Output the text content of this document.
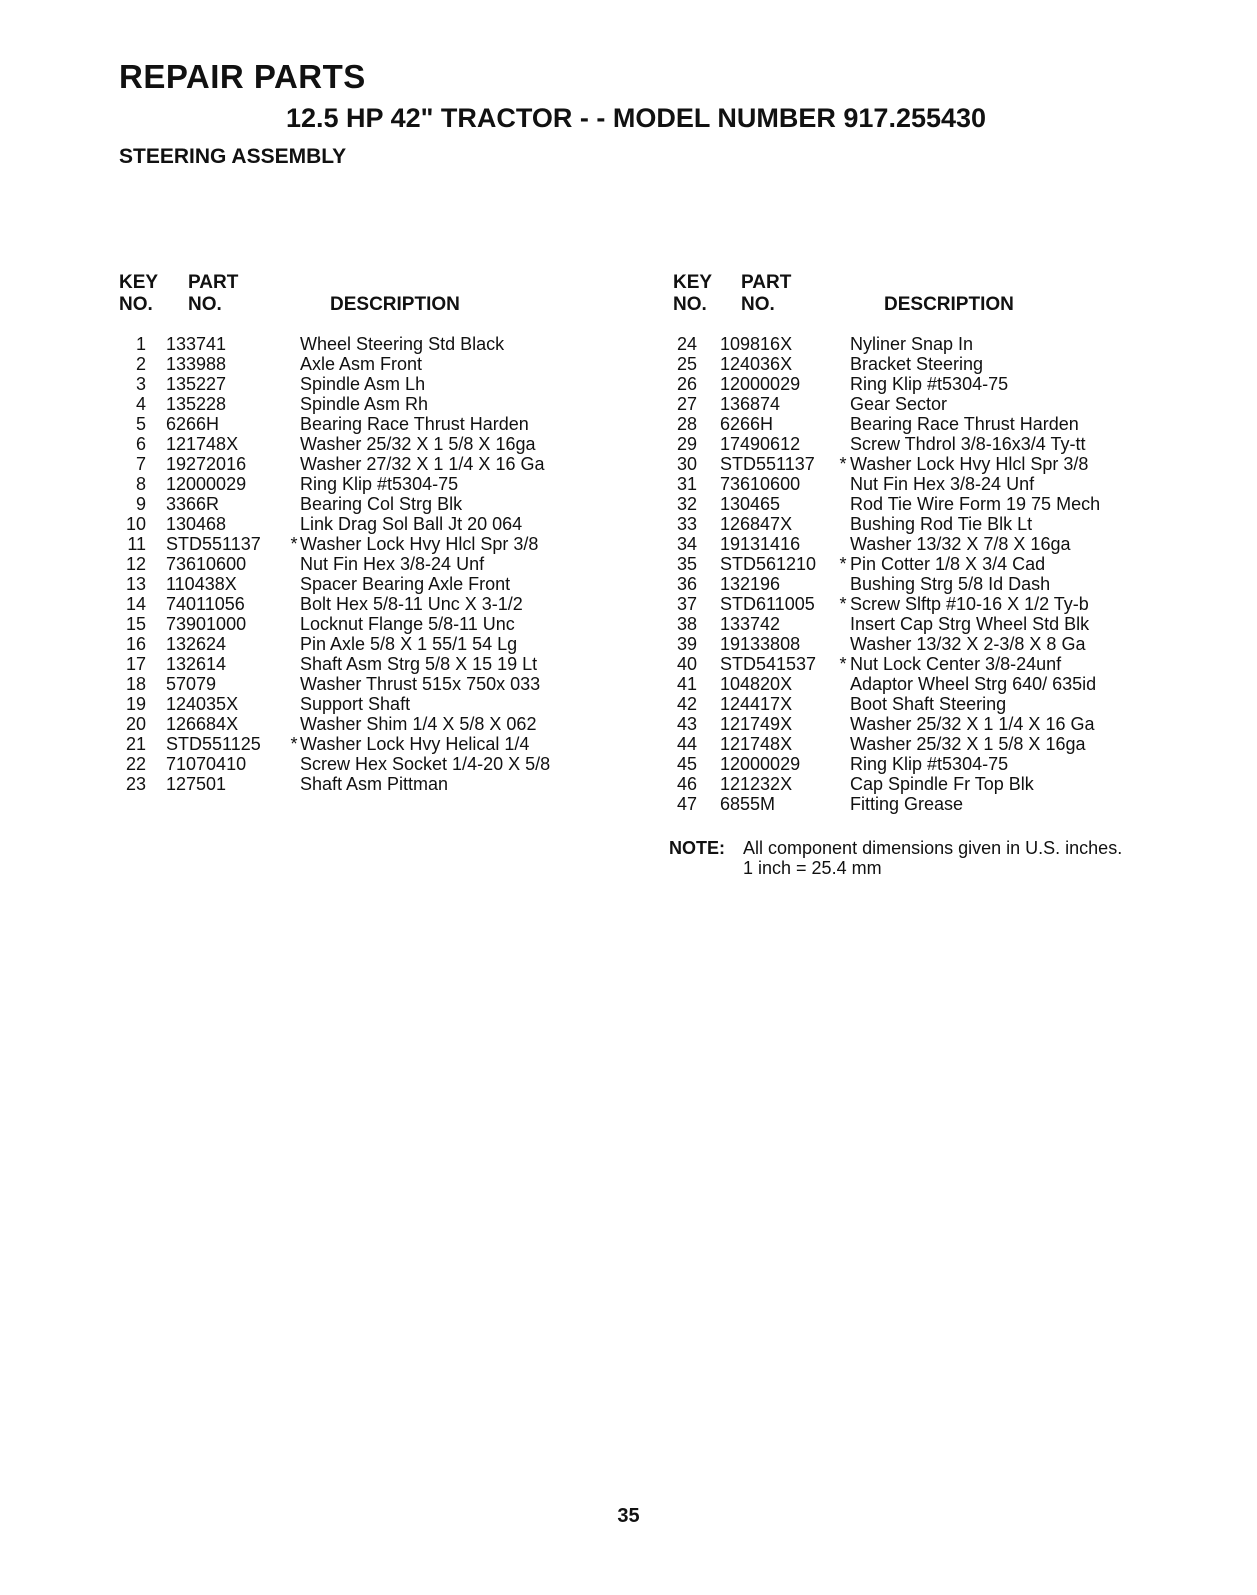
REPAIR PARTS
12.5 HP 42" TRACTOR - - MODEL NUMBER 917.255430
STEERING ASSEMBLY
KEY
NO.
PART
NO.	DESCRIPTION
1 133741	Wheel Steering Std Black
2 133988	Axle Asm Front
3 135227	Spindle Asm Lh
4 135228	Spindle Asm Rh
5 6266H	Bearing Race Thrust Harden
6 121748X	Washer 25/32 X 1 5/8 X 16ga
7 19272016	Washer 27/32 X 1 1/4 X 16 Ga
8 12000029	Ring Klip #t5304-75
9 3366R	Bearing Col Strg Blk
10 130468	Link Drag Sol Ball Jt 20 064
11 STD551137 * Washer Lock Hvy Hlcl Spr 3/8
12 73610600	Nut Fin Hex 3/8-24 Unf
13 110438X	Spacer Bearing Axle Front
14 74011056	Bolt Hex 5/8-11 Unc X 3-1/2
15 73901000	Locknut Flange 5/8-11 Unc
16 132624	Pin Axle 5/8 X 1 55/1 54 Lg
17 132614	Shaft Asm Strg 5/8 X 15 19 Lt
18 57079	Washer Thrust 515x 750x 033
19 124035X	Support Shaft
20 126684X	Washer Shim 1/4 X 5/8 X 062
21 STD551125 * Washer Lock Hvy Helical 1/4
22 71070410	Screw Hex Socket 1/4-20 X 5/8
23 127501	Shaft Asm Pittman
KEY
NO.
PART
NO.	DESCRIPTION
24 109816X	Nyliner Snap In
25 124036X	Bracket Steering
26 12000029	Ring Klip #t5304-75
27 136874	Gear Sector
28 6266H	Bearing Race Thrust Harden
29 17490612	Screw Thdrol 3/8-16x3/4 Ty-tt
30 STD551137 * Washer Lock Hvy Hlcl Spr 3/8
31 73610600	Nut Fin Hex 3/8-24 Unf
32 130465	Rod Tie Wire Form 19 75 Mech
33 126847X	Bushing Rod Tie Blk Lt
34 19131416	Washer 13/32 X 7/8 X 16ga
35 STD561210 * Pin Cotter 1/8 X 3/4 Cad
36 132196	Bushing Strg 5/8 Id Dash
37 STD611005 * Screw Slftp #10-16 X 1/2 Ty-b
38 133742	Insert Cap Strg Wheel Std Blk
39 19133808	Washer 13/32 X 2-3/8 X 8 Ga
40 STD541537 * Nut Lock Center 3/8-24unf
41 104820X	Adaptor Wheel Strg 640/ 635id
42 124417X	Boot Shaft Steering
43 121749X	Washer 25/32 X 1 1/4 X 16 Ga
44 121748X	Washer 25/32 X 1 5/8 X 16ga
45 12000029	Ring Klip #t5304-75
46 121232X	Cap Spindle Fr Top Blk
47 6855M	Fitting Grease
NOTE: All component dimensions given in U.S. inches.
1 inch = 25.4 mm
35
